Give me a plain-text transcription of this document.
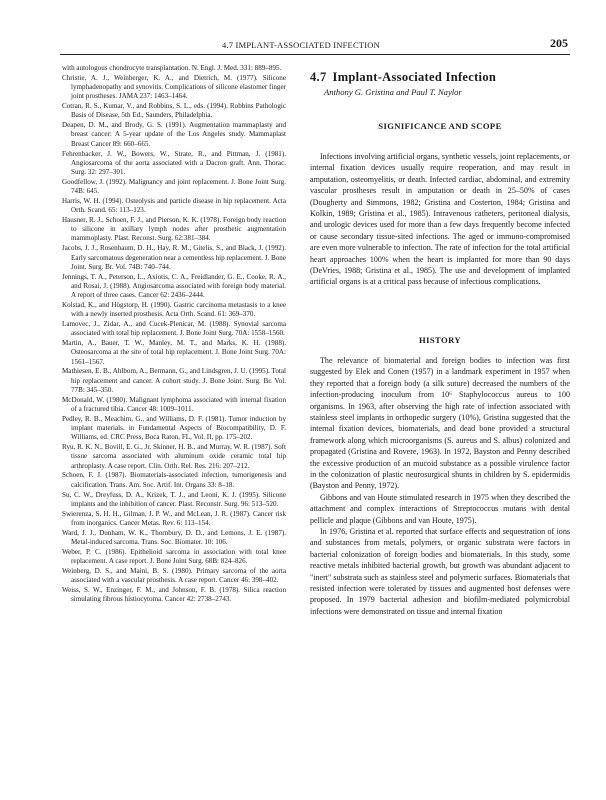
4.7 IMPLANT-ASSOCIATED INFECTION	205

with autologous chondrocyte transplantation. N. Engl. J. Med. 331: 889–895.

Christie, A. J., Weinberger, K. A., and Dietrich, M. (1977). Silicone lymphadenopathy and synovitis. Complications of silicone elastomer finger joint prostheses. JAMA 237: 1463–1464.

Cotran, R. S., Kumar, V., and Robbins, S. L., eds. (1994). Robbins Pathologic Basis of Disease, 5th Ed., Saunders, Philadelphia.

Deapen, D. M., and Brody, G. S. (1991). Augmentation mammaplasty and breast cancer: A 5-year update of the Los Angeles study. Mammaplast Breast Cancer 89: 660–665.

Fehrenbacker, J. W., Bowers, W., Strate, R., and Pittman, J. (1981). Angiosarcoma of the aorta associated with a Dacron graft. Ann. Thorac. Surg. 32: 297–301.

Goodfellow, J. (1992). Malignancy and joint replacement. J. Bone Joint Surg. 74B: 645.

Harris, W. H. (1994). Osteolysis and particle disease in hip replacement. Acta Orth. Scand. 65: 113–123.

Hausner, R. J., Schoen, F. J., and Pierson, K. K. (1978). Foreign body reaction to silicone in axillary lymph nodes after prosthetic augmentation mammoplasty. Plast. Reconst. Surg. 62:381–384.

Jacobs, J. J., Rosenbaum, D. H., Hay, R. M., Gitelis, S., and Black, J. (1992). Early sarcomatous degeneration near a cementless hip replacement. J. Bone Joint. Surg. Br. Vol. 74B: 740–744.

Jennings, T. A., Peterson, L., Axiotis, C. A., Freidlander, G. E., Cooke, R. A., and Rosai, J. (1988). Angiosarcoma associated with foreign body material. A report of three cases. Cancer 62: 2436–2444.

Kolstad, K., and Högstorp, H. (1990). Gastric carcinoma metastasis to a knee with a newly inserted prosthesis. Acta Orth. Scand. 61: 369–370.

Lamovec, J., Zidar, A., and Cucek-Plenicar, M. (1988). Synovial sarcoma associated with total hip replacement. J. Bone Joint Surg. 70A: 1558–1560.

Martin, A., Bauer, T. W., Manley, M. T., and Marks, K. H. (1988). Osteosarcoma at the site of total hip replacement. J. Bone Joint Surg. 70A: 1561–1567.

Mathiesen, E. B., Ahlbom, A., Bermann, G., and Lindsgren, J. U. (1995). Total hip replacement and cancer. A cohort study. J. Bone Joint. Surg. Br. Vol. 77B: 345–350.

McDonald, W. (1980). Malignant lymphoma associated with internal fixation of a fractured tibia. Cancer 48: 1009–1011.

Pedley, R. B., Meachim, G., and Williams, D. F. (1981). Tumor induction by implant materials. in Fundamental Aspects of Biocompatibility, D. F. Williams, ed. CRC Press, Boca Raton, FL, Vol. II, pp. 175–202.

Ryu, R. K. N., Bovill, E. G., Jr, Skinner, H. B., and Murray, W. R. (1987). Soft tissue sarcoma associated with aluminum oxide ceramic total hip arthroplasty. A case report. Clin. Orth. Rel. Res. 216: 207–212.

Schoen, F. J. (1987). Biomaterials-associated infection, tumorigenesis and calcification. Trans. Am. Soc. Artif. Int. Organs 33: 8–18.

Su, C. W., Dreyfuss, D. A., Krizek, T. J., and Leoni, K. J. (1995). Silicone implants and the inhibition of cancer. Plast. Reconstr. Surg. 96: 513–520.

Swierenza, S. H. H., Gilman, J. P. W., and McLean, J. R. (1987). Cancer risk from inorganics. Cancer Metas. Rev. 6: 113–154.

Ward, J. J., Dunham, W. K., Thornbury, D. D., and Lemons, J. E. (1987). Metal-induced sarcoma. Trans. Soc. Biomater. 10: 106.

Weber, P. C. (1986). Epithelioid sarcoma in association with total knee replacement. A case report. J. Bone Joint Surg. 68B: 824–826.

Weinberg, D. S., and Maini, B. S. (1980). Primary sarcoma of the aorta associated with a vascular prosthesis. A case report. Cancer 46: 398–402.

Weiss, S. W., Enzinger, F. M., and Johnson, F. B. (1978). Silica reaction simulating fibrous histiocytoma. Cancer 42: 2738–2743.

4.7 Implant-Associated Infection
Anthony G. Gristina and Paul T. Naylor
SIGNIFICANCE AND SCOPE

Infections involving artificial organs, synthetic vessels, joint replacements, or internal fixation devices usually require reoperation, and may result in amputation, osteomyelitis, or death. Infected cardiac, abdominal, and extremity vascular prostheses result in amputation or death in 25–50% of cases (Dougherty and Simmons, 1982; Gristina and Costerton, 1984; Gristina and Kolkin, 1989; Gristina et al., 1985). Intravenous catheters, peritoneal dialysis, and urologic devices used for more than a few days frequently become infected or cause secondary tissue-sited infections. The aged or immuno-compromised are even more vulnerable to infection. The rate of infection for the total artificial heart approaches 100% when the heart is implanted for more than 90 days (DeVries, 1988; Gristina et al., 1985). The use and development of implanted artificial organs is at a critical pass because of infectious complications.

HISTORY

The relevance of biomaterial and foreign bodies to infection was first suggested by Elek and Conen (1957) in a landmark experiment in 1957 when they reported that a foreign body (a silk suture) decreased the numbers of the infection-producing inoculum from 10⁶ Staphylococcus aureus to 100 organisms. In 1963, after observing the high rate of infection associated with stainless steel implants in orthopedic surgery (10%), Gristina suggested that the internal fixation devices, biomaterials, and dead bone provided a structural framework along which microorganisms (S. aureus and S. albus) colonized and propagated (Gristina and Rovere, 1963). In 1972, Bayston and Penny described the excessive production of an mucoid substance as a possible virulence factor in the colonization of plastic neurosurgical shunts in children by S. epidermidis (Bayston and Penny, 1972).

Gibbons and van Houte stimulated research in 1975 when they described the attachment and complex interactions of Streptococcus mutans with dental pellicle and plaque (Gibbons and van Houte, 1975).

In 1976, Gristina et al. reported that surface effects and sequestration of ions and substances from metals, polymers, or organic substrata were factors in bacterial colonization of foreign bodies and biomaterials. In this study, some reactive metals inhibited bacterial growth, but growth was abundant adjacent to "inert" substrata such as stainless steel and polymeric surfaces. Biomaterials that resisted infection were tolerated by tissues and augmented host defenses were proposed. In 1979 bacterial adhesion and biofilm-mediated polymicrobial infections were demonstrated on tissue and internal fixation
